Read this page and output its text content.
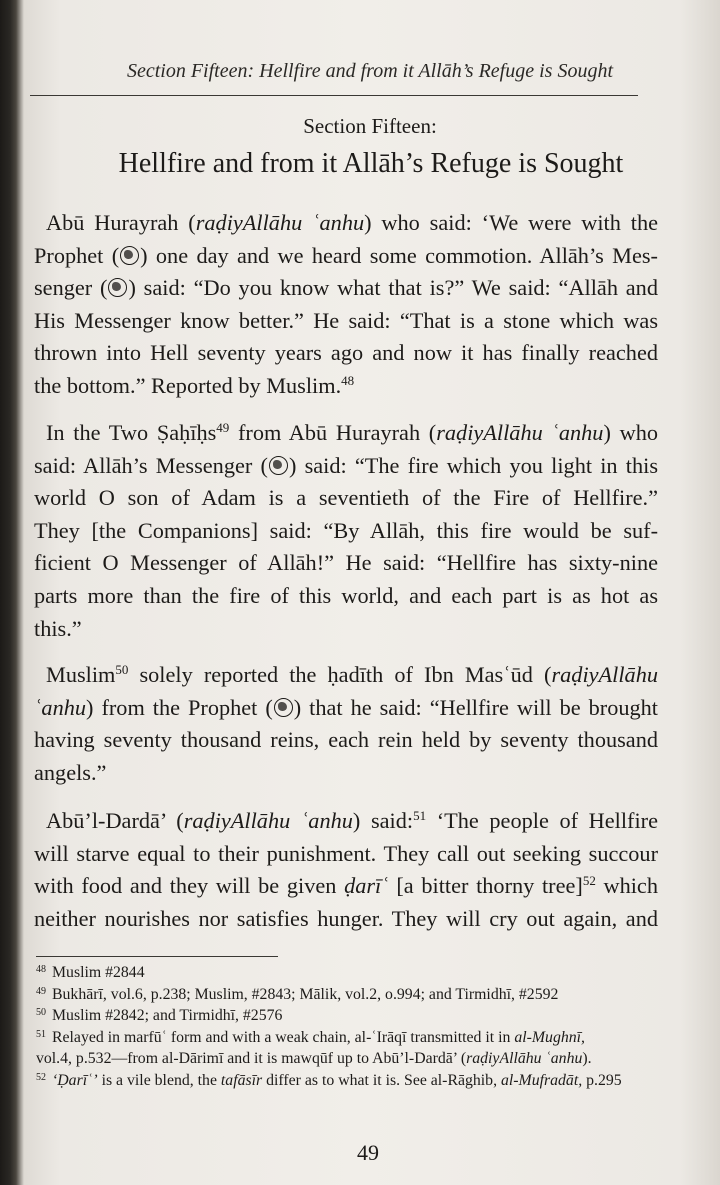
Section Fifteen: Hellfire and from it Allāh’s Refuge is Sought
Section Fifteen:
Hellfire and from it Allāh’s Refuge is Sought
Abū Hurayrah (raḍiyAllāhu ʿanhu) who said: ‘We were with the
Prophet ( ) one day and we heard some commotion. Allāh’s Mes-
senger ( ) said: “Do you know what that is?” We said: “Allāh and
His Messenger know better.” He said: “That is a stone which was
thrown into Hell seventy years ago and now it has finally reached
the bottom.” Reported by Muslim.$^{48}$
In the Two Ṣaḥīḥs$^{49}$ from Abū Hurayrah (raḍiyAllāhu ʿanhu) who
said: Allāh’s Messenger ( ) said: “The fire which you light in this
world O son of Adam is a seventieth of the Fire of Hellfire.”
They [the Companions] said: “By Allāh, this fire would be suf-
ficient O Messenger of Allāh!” He said: “Hellfire has sixty-nine
parts more than the fire of this world, and each part is as hot as
this.”
Muslim$^{50}$ solely reported the ḥadīth of Ibn Masʿūd (raḍiyAllāhu
ʿanhu) from the Prophet ( ) that he said: “Hellfire will be brought
having seventy thousand reins, each rein held by seventy thousand
angels.”
Abū’l-Dardā’ (raḍiyAllāhu ʿanhu) said:$^{51}$ ‘The people of Hellfire
will starve equal to their punishment. They call out seeking succour
with food and they will be given ḍarīʿ [a bitter thorny tree]$^{52}$ which
neither nourishes nor satisfies hunger. They will cry out again, and
$^{48}$ Muslim #2844
$^{49}$ Bukhārī, vol.6, p.238; Muslim, #2843; Mālik, vol.2, o.994; and Tirmidhī, #2592
$^{50}$ Muslim #2842; and Tirmidhī, #2576
$^{51}$ Relayed in marfūʿ form and with a weak chain, al-ʿIrāqī transmitted it in al-Mughnī,
vol.4, p.532—from al-Dārimī and it is mawqūf up to Abū’l-Dardā’ (raḍiyAllāhu ʿanhu).
$^{52}$ ‘Ḍarīʿ’ is a vile blend, the tafāsīr differ as to what it is. See al-Rāghib, al-Mufradāt, p.295
49
